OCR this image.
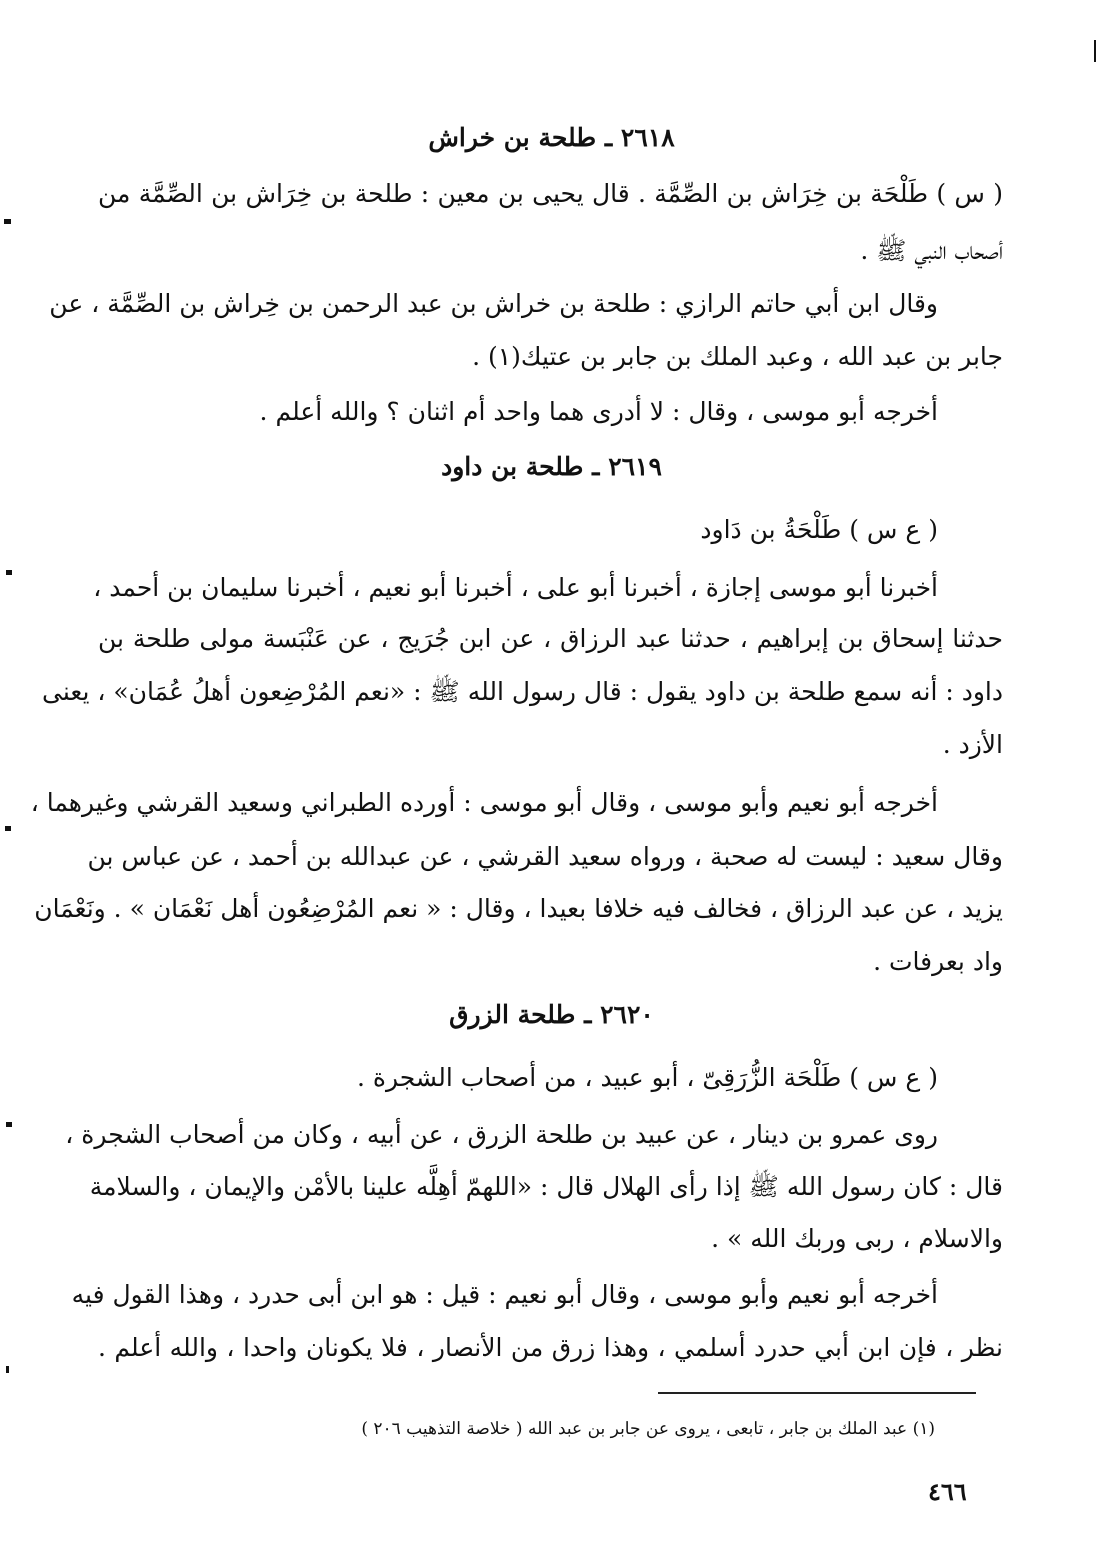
٢٦١٨ ـ طلحة بن خراش
( س ) طَلْحَة بن خِرَاش بن الصِّمَّة . قال يحيى بن معين : طلحة بن خِرَاش بن الصِّمَّة من
أصحاب النبي ﷺ .
وقال ابن أبي حاتم الرازي : طلحة بن خراش بن عبد الرحمن بن خِراش بن الصِّمَّة ، عن
جابر بن عبد الله ، وعبد الملك بن جابر بن عتيك(١) .
أخرجه أبو موسى ، وقال : لا أدرى هما واحد أم اثنان ؟ والله أعلم .
٢٦١٩ ـ طلحة بن داود
( ع س ) طَلْحَةُ بن دَاود
أخبرنا أبو موسى إجازة ، أخبرنا أبو على ، أخبرنا أبو نعيم ، أخبرنا سليمان بن أحمد ،
حدثنا إسحاق بن إبراهيم ، حدثنا عبد الرزاق ، عن ابن جُرَيج ، عن عَنْبَسة مولى طلحة بن
داود : أنه سمع طلحة بن داود يقول : قال رسول الله ﷺ : «نعم المُرْضِعون أهلُ عُمَان» ، يعنى
الأزد .
أخرجه أبو نعيم وأبو موسى ، وقال أبو موسى : أورده الطبراني وسعيد القرشي وغيرهما ،
وقال سعيد : ليست له صحبة ، ورواه سعيد القرشي ، عن عبدالله بن أحمد ، عن عباس بن
يزيد ، عن عبد الرزاق ، فخالف فيه خلافا بعيدا ، وقال : « نعم المُرْضِعُون أهل نَعْمَان » . ونَعْمَان
واد بعرفات .
٢٦٢٠ ـ طلحة الزرق
( ع س ) طَلْحَة الزُّرَقِىّ ، أبو عبيد ، من أصحاب الشجرة .
روى عمرو بن دينار ، عن عبيد بن طلحة الزرق ، عن أبيه ، وكان من أصحاب الشجرة ،
قال : كان رسول الله ﷺ إذا رأى الهلال قال : «اللهمّ أهِلَّه علينا بالأمْن والإيمان ، والسلامة
والاسلام ، ربى وربك الله » .
أخرجه أبو نعيم وأبو موسى ، وقال أبو نعيم : قيل : هو ابن أبى حدرد ، وهذا القول فيه
نظر ، فإن ابن أبي حدرد أسلمي ، وهذا زرق من الأنصار ، فلا يكونان واحدا ، والله أعلم .
(١) عبد الملك بن جابر ، تابعى ، يروى عن جابر بن عبد الله ( خلاصة التذهيب ٢٠٦ )
٤٦٦
